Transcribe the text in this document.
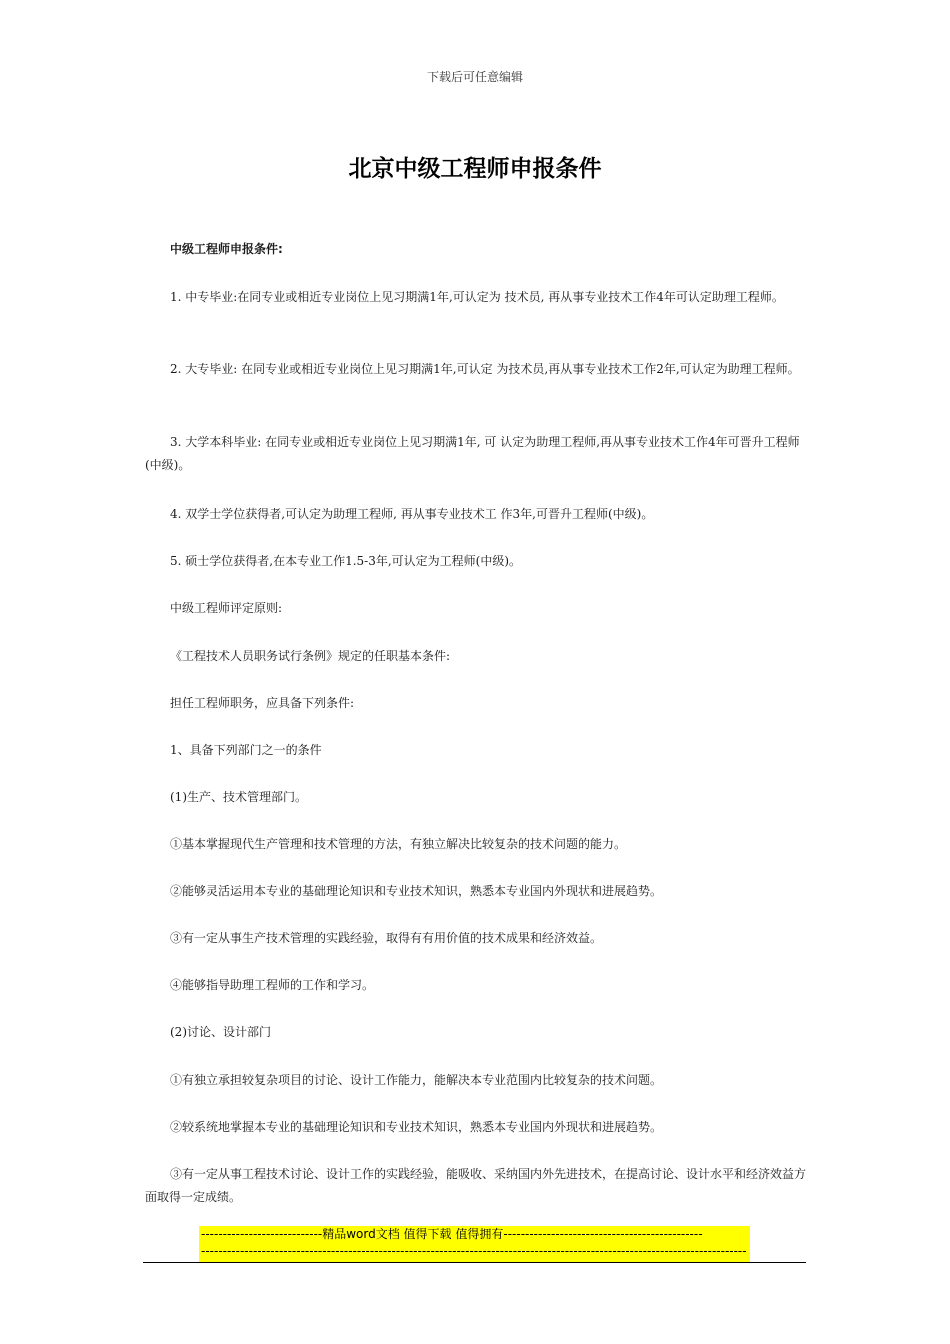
下载后可任意编辑
北京中级工程师申报条件

中级工程师申报条件:

1. 中专毕业:在同专业或相近专业岗位上见习期满1年,可认定为 技术员, 再从事专业技术工作4年可认定助理工程师。

2. 大专毕业: 在同专业或相近专业岗位上见习期满1年,可认定 为技术员,再从事专业技术工作2年,可认定为助理工程师。

3. 大学本科毕业: 在同专业或相近专业岗位上见习期满1年, 可 认定为助理工程师,再从事专业技术工作4年可晋升工程师(中级)。

4. 双学士学位获得者,可认定为助理工程师, 再从事专业技术工 作3年,可晋升工程师(中级)。

5. 硕士学位获得者,在本专业工作1.5-3年,可认定为工程师(中级)。

中级工程师评定原则:

《工程技术人员职务试行条例》规定的任职基本条件:

担任工程师职务，应具备下列条件:

1、具备下列部门之一的条件

(1)生产、技术管理部门。

①基本掌握现代生产管理和技术管理的方法，有独立解决比较复杂的技术问题的能力。

②能够灵活运用本专业的基础理论知识和专业技术知识，熟悉本专业国内外现状和进展趋势。

③有一定从事生产技术管理的实践经验，取得有有用价值的技术成果和经济效益。

④能够指导助理工程师的工作和学习。

(2)讨论、设计部门

①有独立承担较复杂项目的讨论、设计工作能力，能解决本专业范围内比较复杂的技术问题。

②较系统地掌握本专业的基础理论知识和专业技术知识，熟悉本专业国内外现状和进展趋势。

③有一定从事工程技术讨论、设计工作的实践经验，能吸收、采纳国内外先进技术，在提高讨论、设计水平和经济效益方面取得一定成绩。

----------------------------精品word文档 值得下载 值得拥有----------------------------------------------
------------------------------------------------------------------------------------------------------------------------------
